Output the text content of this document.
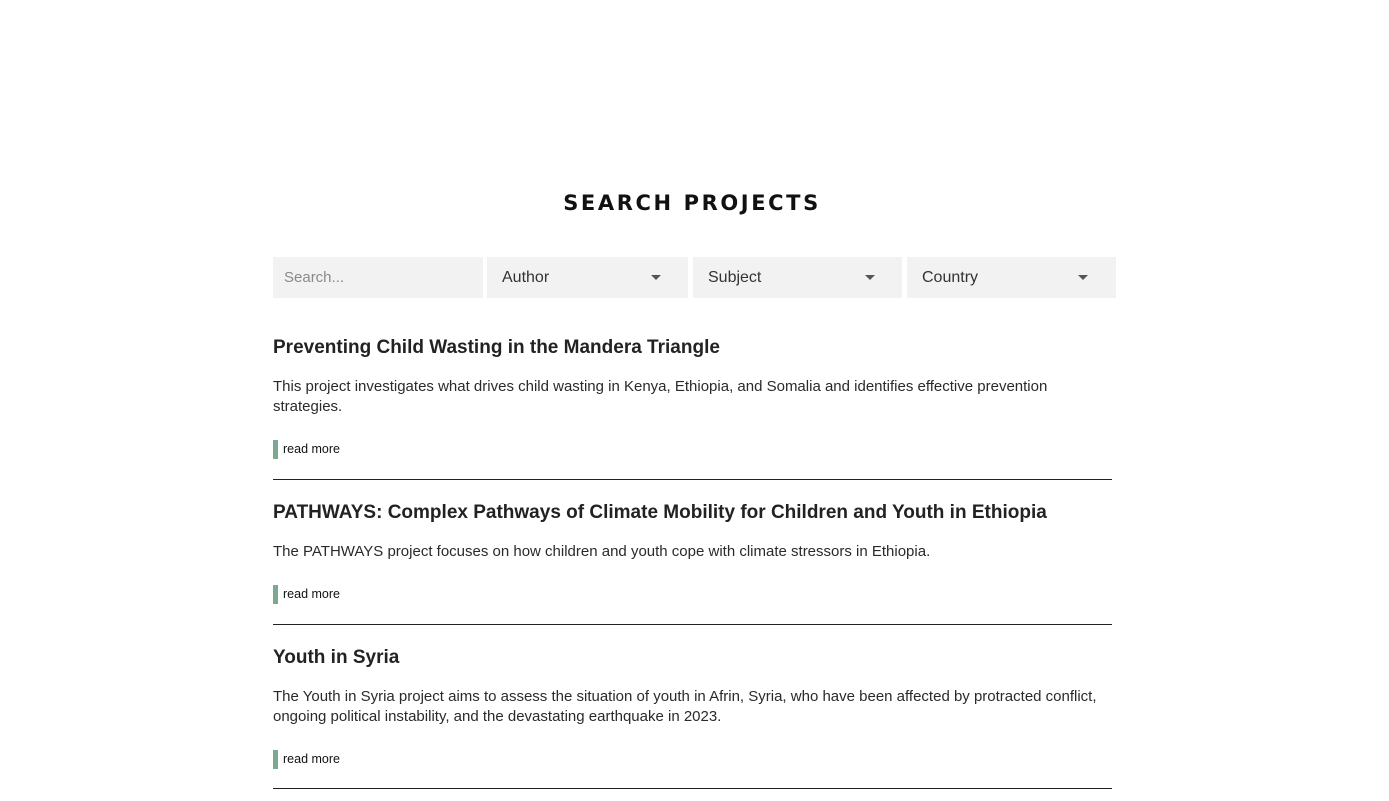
SEARCH PROJECTS
Search...
Author	Subject	Country
Preventing Child Wasting in the Mandera Triangle

This project investigates what drives child wasting in Kenya, Ethiopia, and Somalia and identifies effective prevention strategies.

read more
PATHWAYS: Complex Pathways of Climate Mobility for Children and Youth in Ethiopia

The PATHWAYS project focuses on how children and youth cope with climate stressors in Ethiopia.

read more
Youth in Syria

The Youth in Syria project aims to assess the situation of youth in Afrin, Syria, who have been affected by protracted conflict, ongoing political instability, and the devastating earthquake in 2023.

read more
